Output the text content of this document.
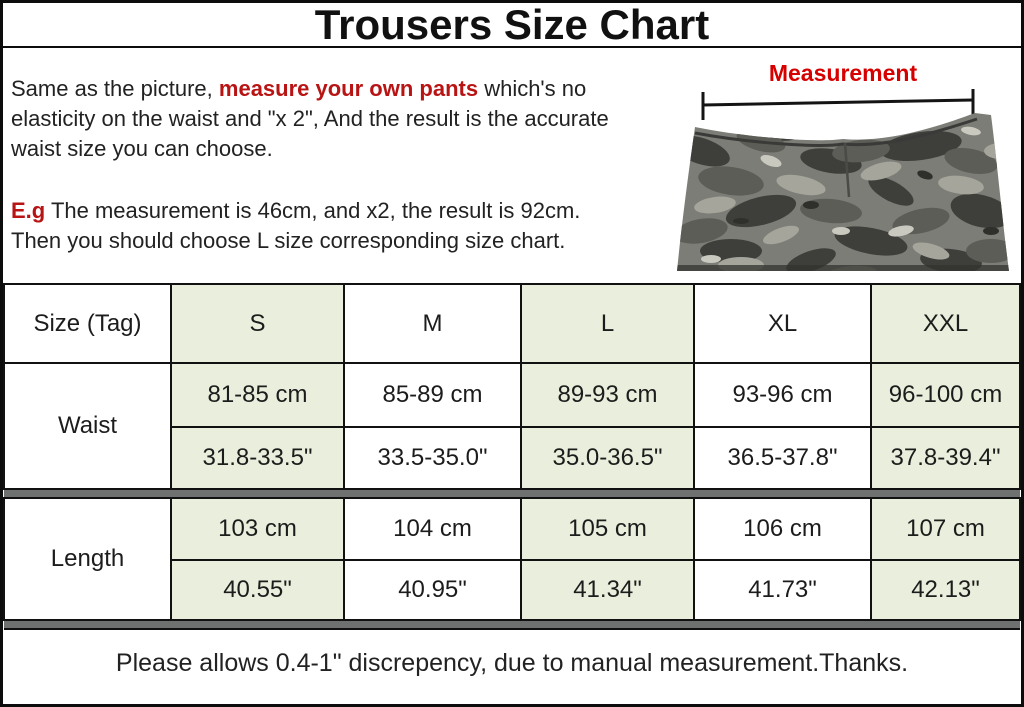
Trousers Size Chart
Same as the picture, measure your own pants which's no
elasticity on the waist and "x 2", And the result is the accurate
waist size you can choose.
E.g The measurement is 46cm, and x2, the result is 92cm.
Then you should choose L size corresponding size chart.
Measurement
Size (Tag)	S	M	L	XL	XXL
Waist	81-85 cm	85-89 cm	89-93 cm	93-96 cm	96-100 cm
	31.8-33.5"	33.5-35.0"	35.0-36.5"	36.5-37.8"	37.8-39.4"

Length	103 cm	104 cm	105 cm	106 cm	107 cm
	40.55"	40.95"	41.34"	41.73"	42.13"

Please allows 0.4-1" discrepency, due to manual measurement.Thanks.
